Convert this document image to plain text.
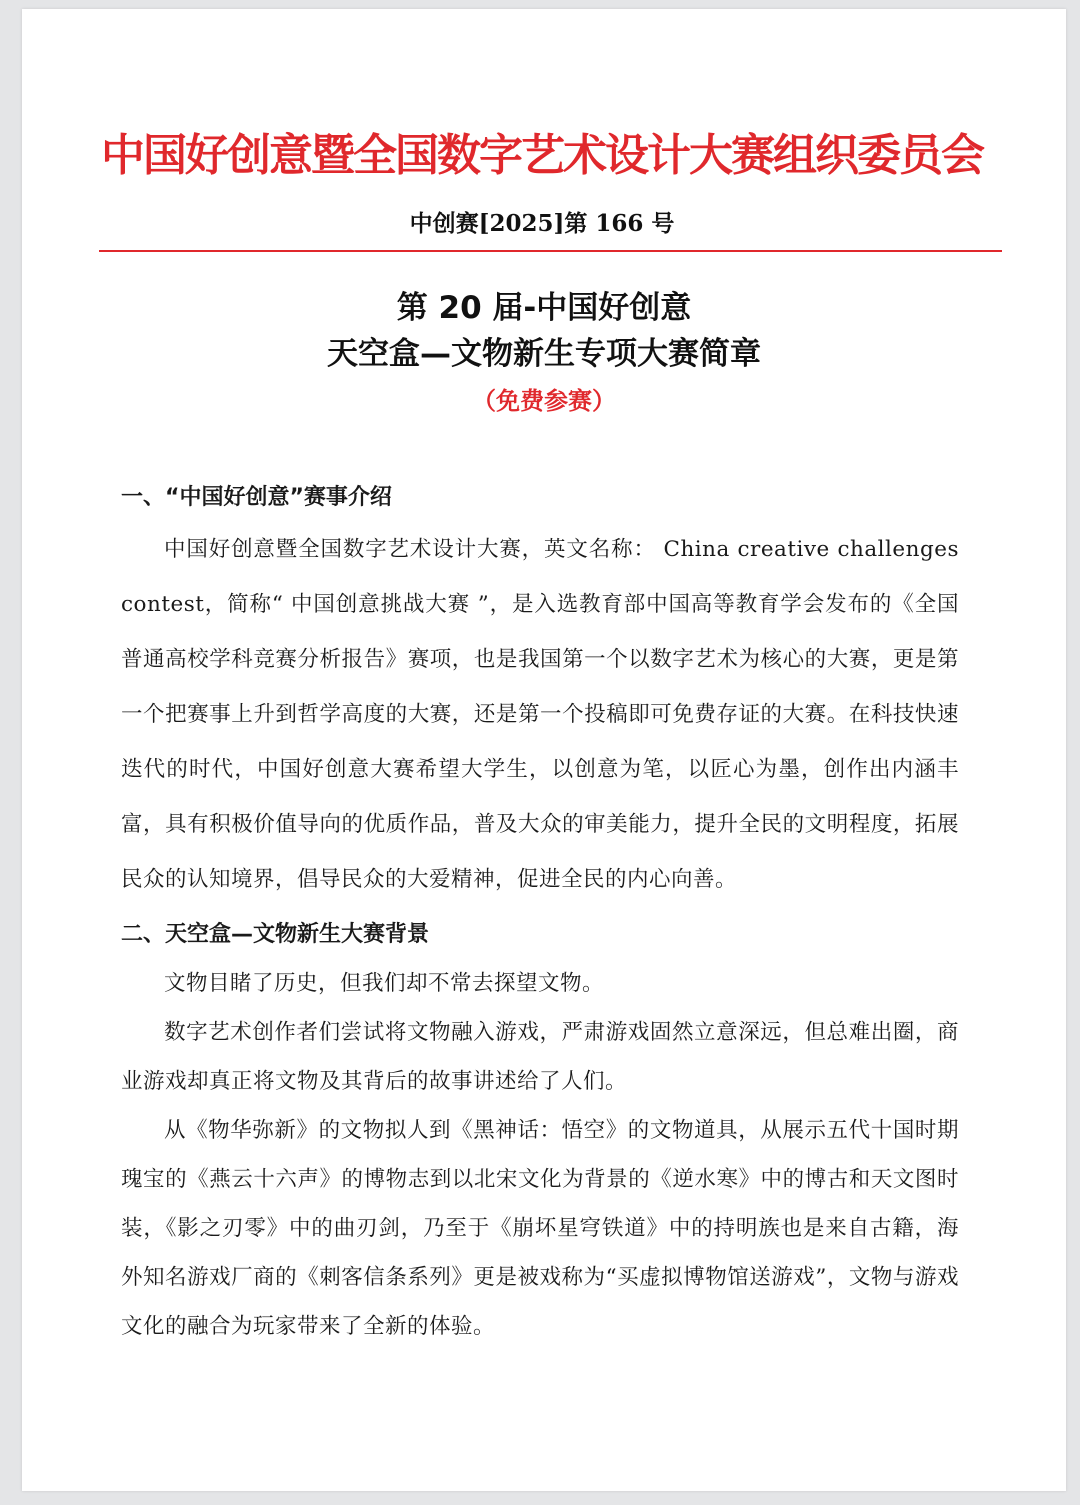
中国好创意暨全国数字艺术设计大赛组织委员会
中创赛[2025]第 166 号
第 20 届-中国好创意
天空盒—文物新生专项大赛简章
（免费参赛）
一、“中国好创意”赛事介绍

中国好创意暨全国数字艺术设计大赛，英文名称： China creative challenges contest，简称“ 中国创意挑战大赛 ”，是入选教育部中国高等教育学会发布的《全国普通高校学科竞赛分析报告》赛项，也是我国第一个以数字艺术为核心的大赛，更是第一个把赛事上升到哲学高度的大赛，还是第一个投稿即可免费存证的大赛。在科技快速迭代的时代，中国好创意大赛希望大学生，以创意为笔，以匠心为墨，创作出内涵丰富，具有积极价值导向的优质作品，普及大众的审美能力，提升全民的文明程度，拓展民众的认知境界，倡导民众的大爱精神，促进全民的内心向善。

二、天空盒—文物新生大赛背景

文物目睹了历史，但我们却不常去探望文物。

数字艺术创作者们尝试将文物融入游戏，严肃游戏固然立意深远，但总难出圈，商业游戏却真正将文物及其背后的故事讲述给了人们。

从《物华弥新》的文物拟人到《黑神话：悟空》的文物道具，从展示五代十国时期瑰宝的《燕云十六声》的博物志到以北宋文化为背景的《逆水寒》中的博古和天文图时装，《影之刃零》中的曲刃剑，乃至于《崩坏星穹铁道》中的持明族也是来自古籍，海外知名游戏厂商的《刺客信条系列》更是被戏称为“买虚拟博物馆送游戏”，文物与游戏文化的融合为玩家带来了全新的体验。
